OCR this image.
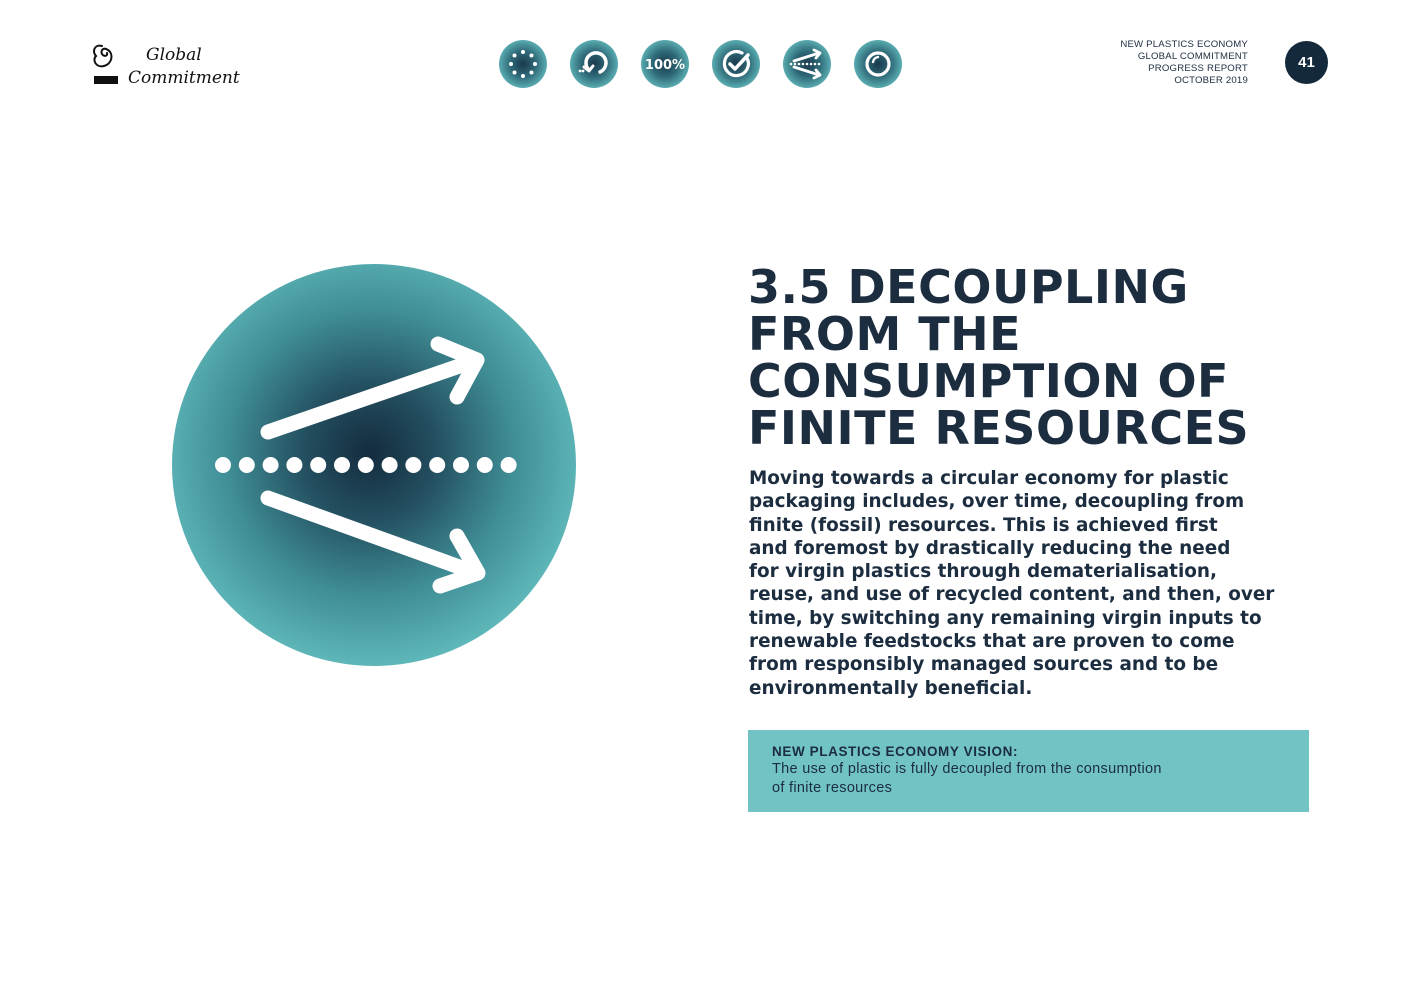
Global
Commitment
100%
NEW PLASTICS ECONOMY
GLOBAL COMMITMENT
PROGRESS REPORT
OCTOBER 2019
41
3.5 DECOUPLING
FROM THE
CONSUMPTION OF
FINITE RESOURCES
Moving towards a circular economy for plastic
packaging includes, over time, decoupling from
finite (fossil) resources. This is achieved first
and foremost by drastically reducing the need
for virgin plastics through dematerialisation,
reuse, and use of recycled content, and then, over
time, by switching any remaining virgin inputs to
renewable feedstocks that are proven to come
from responsibly managed sources and to be
environmentally beneficial.

NEW PLASTICS ECONOMY VISION:

The use of plastic is fully decoupled from the consumption
of finite resources
